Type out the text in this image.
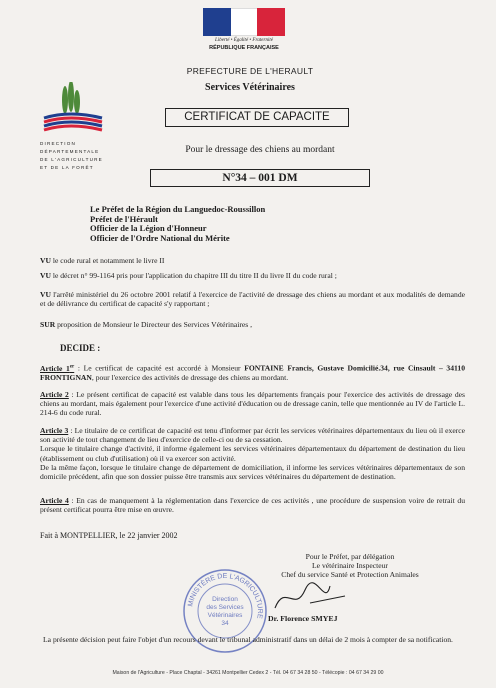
Liberté • Égalité • Fraternité
RÉPUBLIQUE FRANÇAISE
PREFECTURE DE L'HERAULT
Services Vétérinaires
DIRECTION
DÉPARTEMENTALE
DE L'AGRICULTURE
ET DE LA FORÊT
CERTIFICAT DE CAPACITE
Pour le dressage des chiens au mordant
N°34 – 001 DM
Le Préfet de la Région du Languedoc-Roussillon
Préfet de l'Hérault
Officier de la Légion d'Honneur
Officier de l'Ordre National du Mérite
VU le code rural et notamment le livre II
VU le décret n° 99-1164 pris pour l'application du chapitre III du titre II du livre II du code rural ;
VU l'arrêté ministériel du 26 octobre 2001 relatif à l'exercice de l'activité de dressage des chiens au mordant et aux modalités de demande et de délivrance du certificat de capacité s'y rapportant ;
SUR proposition de Monsieur le Directeur des Services Vétérinaires ,
DECIDE :
Article 1er : Le certificat de capacité est accordé à Monsieur FONTAINE Francis, Gustave Domicilié.34, rue Cinsault – 34110 FRONTIGNAN, pour l'exercice des activités de dressage des chiens au mordant.
Article 2 : Le présent certificat de capacité est valable dans tous les départements français pour l'exercice des activités de dressage des chiens au mordant, mais également pour l'exercice d'une activité d'éducation ou de dressage canin, telle que mentionnée au IV de l'article L. 214-6 du code rural.
Article 3 : Le titulaire de ce certificat de capacité est tenu d'informer par écrit les services vétérinaires départementaux du lieu où il exerce son activité de tout changement de lieu d'exercice de celle-ci ou de sa cessation.
Lorsque le titulaire change d'activité, il informe également les services vétérinaires départementaux du département de destination du lieu (établissement ou club d'utilisation) où il va exercer son activité.
De la même façon, lorsque le titulaire change de département de domiciliation, il informe les services vétérinaires départementaux de son domicile précédent, afin que son dossier puisse être transmis aux services vétérinaires du département de destination.
Article 4 : En cas de manquement à la réglementation dans l'exercice de ces activités , une procédure de suspension voire de retrait du présent certificat pourra être mise en œuvre.
Fait à MONTPELLIER, le 22 janvier 2002
Pour le Préfet, par délégation
Le vétérinaire Inspecteur
Chef du service Santé et Protection Animales
Dr. Florence SMYEJ
MINISTÈRE DE L'AGRICULTURE
Direction
des Services
Vétérinaires
34
La présente décision peut faire l'objet d'un recours devant le tribunal administratif dans un délai de 2 mois à compter de sa notification.
Maison de l'Agriculture - Place Chaptal - 34261 Montpellier Cedex 2 - Tél. 04 67 34 28 50 - Télécopie : 04 67 34 29 00
